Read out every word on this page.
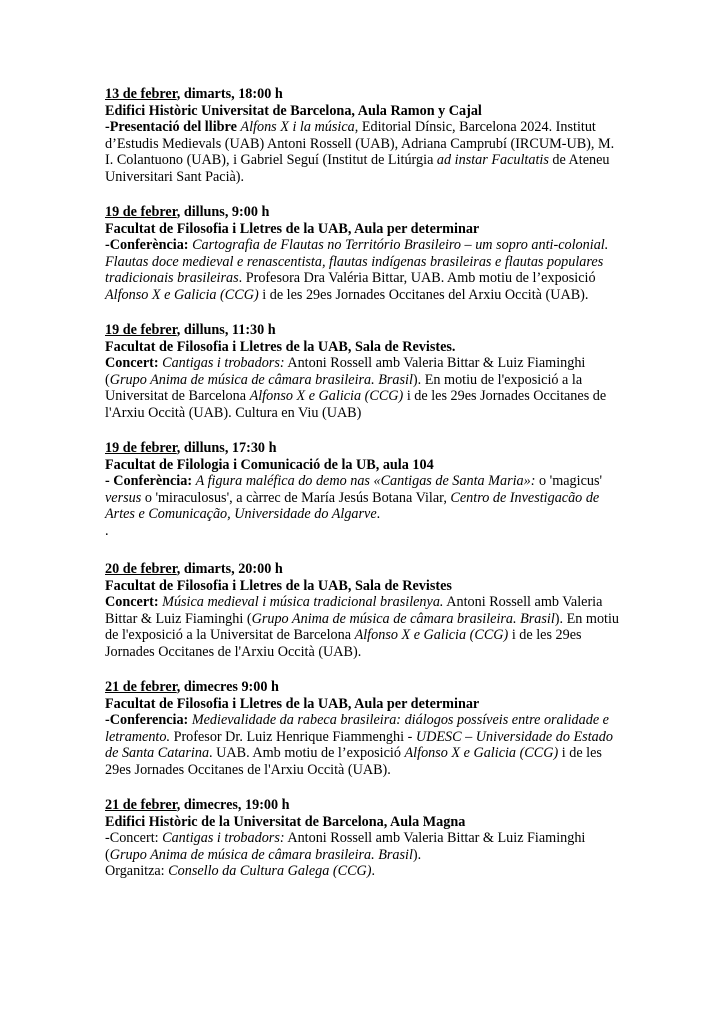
13 de febrer, dimarts, 18:00 h

Edifici Històric Universitat de Barcelona, Aula Ramon y Cajal

-Presentació del llibre Alfons X i la música, Editorial Dínsic, Barcelona 2024. Institut d’Estudis Medievals (UAB) Antoni Rossell (UAB), Adriana Camprubí (IRCUM-UB), M. I. Colantuono (UAB), i Gabriel Seguí (Institut de Litúrgia ad instar Facultatis de Ateneu Universitari Sant Pacià).

19 de febrer, dilluns, 9:00 h

Facultat de Filosofia i Lletres de la UAB, Aula per determinar

-Conferència: Cartografia de Flautas no Território Brasileiro – um sopro anti-colonial. Flautas doce medieval e renascentista, flautas indígenas brasileiras e flautas populares tradicionais brasileiras. Profesora Dra Valéria Bittar, UAB. Amb motiu de l’exposició Alfonso X e Galicia (CCG) i de les 29es Jornades Occitanes del Arxiu Occità (UAB).

19 de febrer, dilluns, 11:30 h

Facultat de Filosofia i Lletres de la UAB, Sala de Revistes.

Concert: Cantigas i trobadors: Antoni Rossell amb Valeria Bittar & Luiz Fiaminghi (Grupo Anima de música de câmara brasileira. Brasil). En motiu de l'exposició a la Universitat de Barcelona Alfonso X e Galicia (CCG) i de les 29es Jornades Occitanes de l'Arxiu Occità (UAB). Cultura en Viu (UAB)

19 de febrer, dilluns, 17:30 h

Facultat de Filologia i Comunicació de la UB, aula 104

- Conferència: A figura maléfica do demo nas «Cantigas de Santa Maria»: o 'magicus' versus o 'miraculosus', a càrrec de María Jesús Botana Vilar, Centro de Investigacão de Artes e Comunicação, Universidade do Algarve.

.

20 de febrer, dimarts, 20:00 h

Facultat de Filosofia i Lletres de la UAB, Sala de Revistes

Concert: Música medieval i música tradicional brasilenya. Antoni Rossell amb Valeria Bittar & Luiz Fiaminghi (Grupo Anima de música de câmara brasileira. Brasil). En motiu de l'exposició a la Universitat de Barcelona Alfonso X e Galicia (CCG) i de les 29es Jornades Occitanes de l'Arxiu Occità (UAB).

21 de febrer, dimecres 9:00 h

Facultat de Filosofia i Lletres de la UAB, Aula per determinar

-Conferencia: Medievalidade da rabeca brasileira: diálogos possíveis entre oralidade e letramento. Profesor Dr. Luiz Henrique Fiammenghi - UDESC – Universidade do Estado de Santa Catarina. UAB. Amb motiu de l’exposició Alfonso X e Galicia (CCG) i de les 29es Jornades Occitanes de l'Arxiu Occità (UAB).

21 de febrer, dimecres, 19:00 h

Edifici Històric de la Universitat de Barcelona, Aula Magna

-Concert: Cantigas i trobadors: Antoni Rossell amb Valeria Bittar & Luiz Fiaminghi (Grupo Anima de música de câmara brasileira. Brasil).

Organitza: Consello da Cultura Galega (CCG).
